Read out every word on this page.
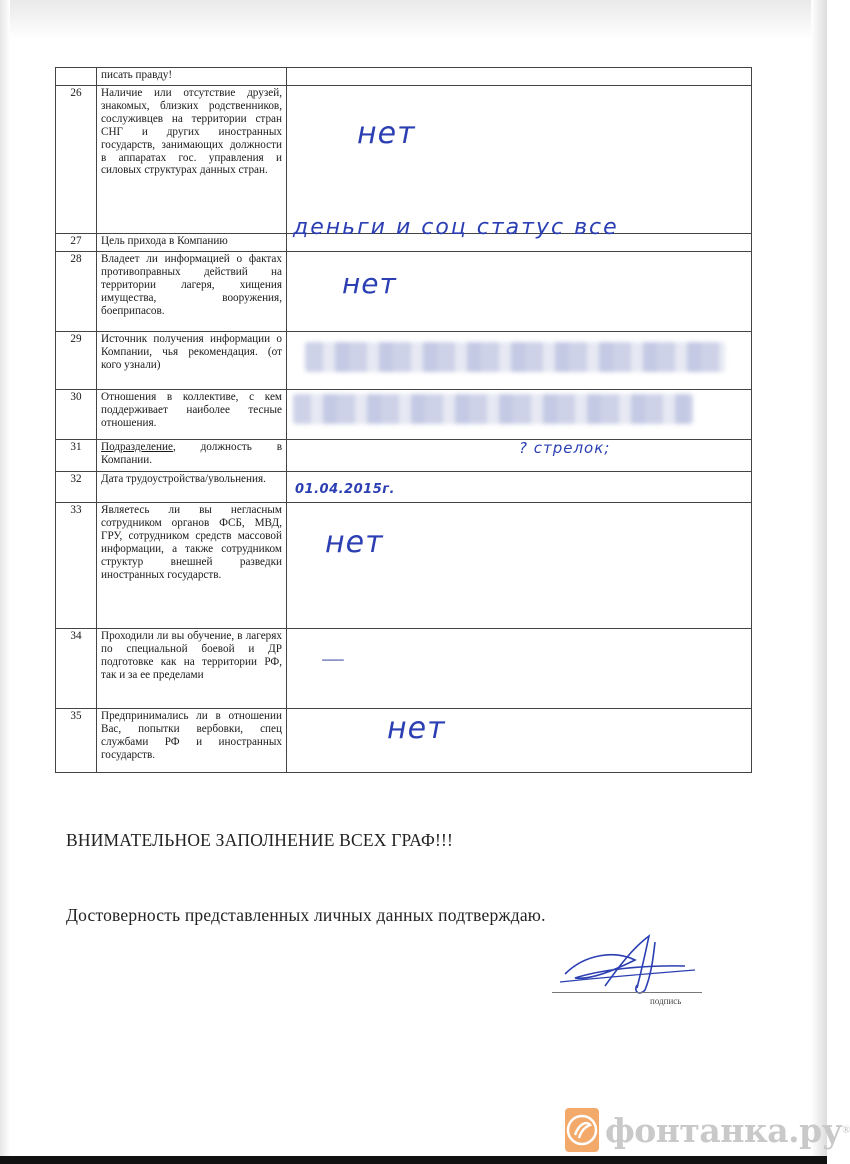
	писать правду!	
26	Наличие или отсутствие друзей, знакомых, близких родственников, сослуживцев на территории стран СНГ и других иностранных государств, занимающих должности в аппаратах гос. управления и силовых структурах данных стран.	нет

27	Цель прихода в Компанию	деньги и соц статус все

28	Владеет ли информацией о фактах противоправных действий на территории лагеря, хищения имущества, вооружения, боеприпасов.	нет

29	Источник получения информации о Компании, чья рекомендация. (от кого узнали)	

30	Отношения в коллективе, с кем поддерживает наиболее тесные отношения.	

31	Подразделение, должность в Компании.	? стрелок;

32	Дата трудоустройства/увольнения.	01.04.2015г.

33	Являетесь ли вы негласным сотрудником органов ФСБ, МВД, ГРУ, сотрудником средств массовой информации, а также сотрудником структур внешней разведки иностранных государств.	нет

34	Проходили ли вы обучение, в лагерях по специальной боевой и ДР подготовке как на территории РФ, так и за ее пределами	—

35	Предпринимались ли в отношении Вас, попытки вербовки, спец службами РФ и иностранных государств.	нет
ВНИМАТЕЛЬНОЕ ЗАПОЛНЕНИЕ ВСЕХ ГРАФ!!!
Достоверность представленных личных данных подтверждаю.
подпись
фонтанка.ру ®
